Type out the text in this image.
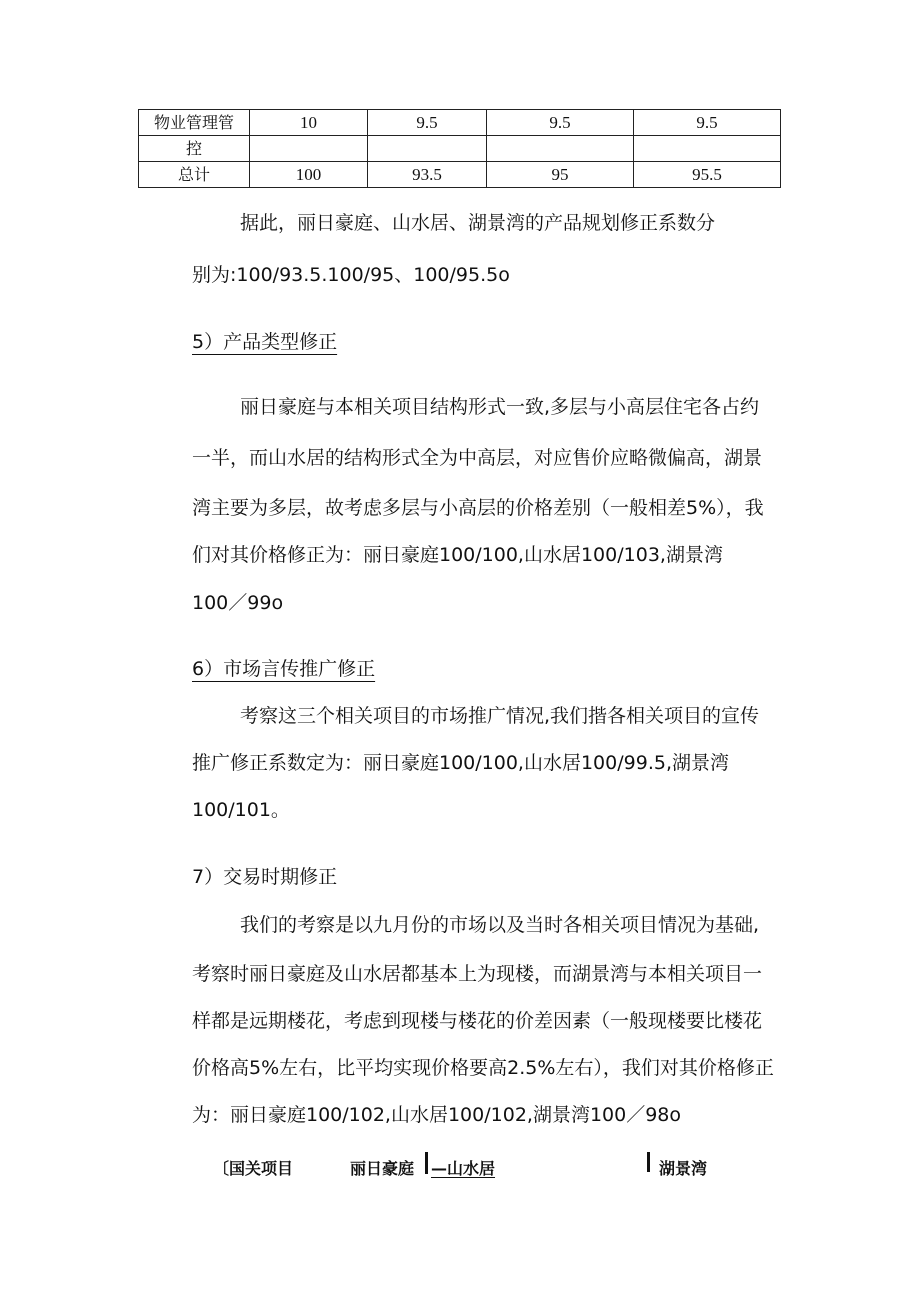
物业管理管	10	9.5	9.5	9.5
控				
总计	100	93.5	95	95.5
据此，丽日豪庭、山水居、湖景湾的产品规划修正系数分
别为:100/93.5.100/95、100/95.5o
5）产品类型修正
丽日豪庭与本相关项目结构形式一致,多层与小高层住宅各占约
一半，而山水居的结构形式全为中高层，对应售价应略微偏高，湖景
湾主要为多层，故考虑多层与小高层的价格差别（一般相差5%），我
们对其价格修正为：丽日豪庭100/100,山水居100/103,湖景湾
100／99o
6）市场言传推广修正
考察这三个相关项目的市场推广情况,我们揩各相关项目的宣传
推广修正系数定为：丽日豪庭100/100,山水居100/99.5,湖景湾
100/101。
7）交易时期修正
我们的考察是以九月份的市场以及当时各相关项目情况为基础,
考察时丽日豪庭及山水居都基本上为现楼，而湖景湾与本相关项目一
样都是远期楼花，考虑到现楼与楼花的价差因素（一般现楼要比楼花
价格高5%左右，比平均实现价格要高2.5%左右），我们对其价格修正
为：丽日豪庭100/102,山水居100/102,湖景湾100／98o
〔国关项目	丽日豪庭 —山水居	湖景湾
